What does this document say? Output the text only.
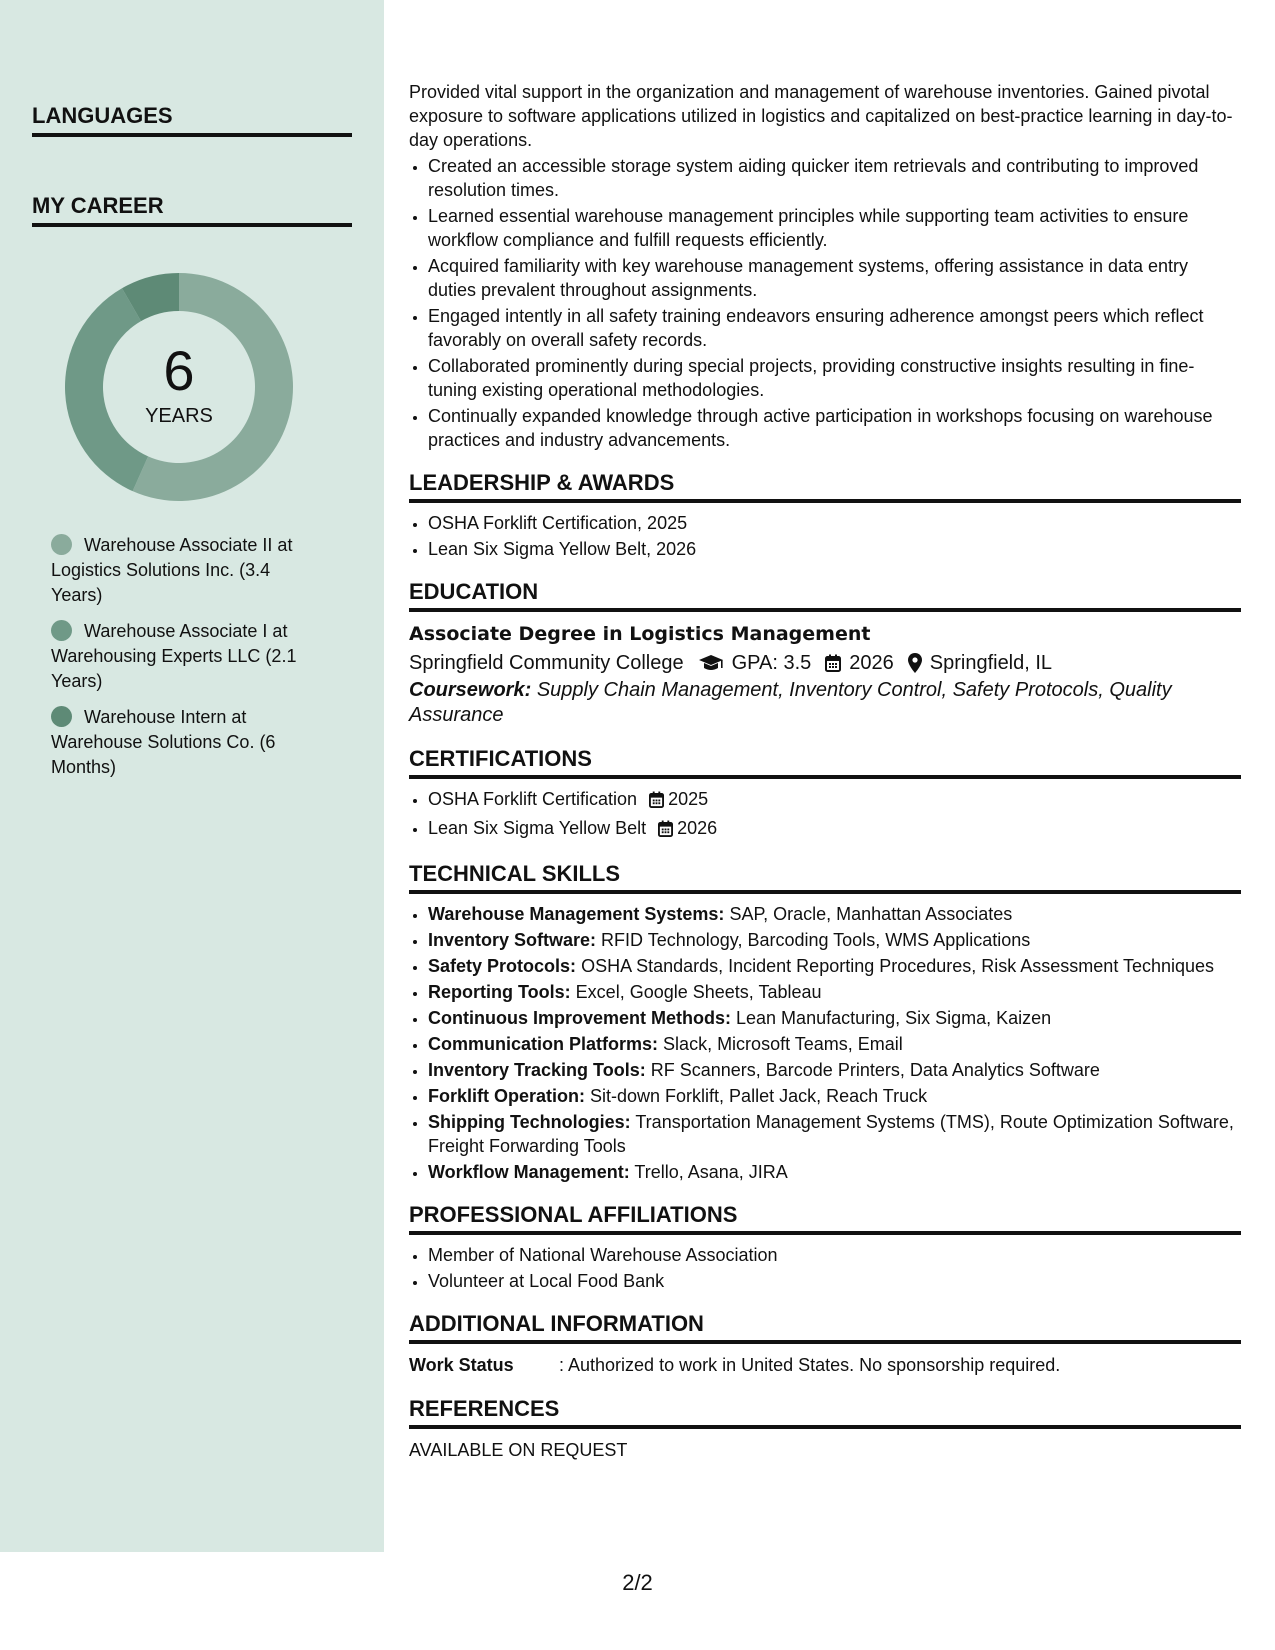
LANGUAGES
MY CAREER
6
YEARS
Warehouse Associate II at Logistics Solutions Inc. (3.4 Years)
Warehouse Associate I at Warehousing Experts LLC (2.1 Years)
Warehouse Intern at Warehouse Solutions Co. (6 Months)

Provided vital support in the organization and management of warehouse inventories. Gained pivotal exposure to software applications utilized in logistics and capitalized on best-practice learning in day-to-day operations.

• Created an accessible storage system aiding quicker item retrievals and contributing to improved resolution times.
• Learned essential warehouse management principles while supporting team activities to ensure workflow compliance and fulfill requests efficiently.
• Acquired familiarity with key warehouse management systems, offering assistance in data entry duties prevalent throughout assignments.
• Engaged intently in all safety training endeavors ensuring adherence amongst peers which reflect favorably on overall safety records.
• Collaborated prominently during special projects, providing constructive insights resulting in fine-tuning existing operational methodologies.
• Continually expanded knowledge through active participation in workshops focusing on warehouse practices and industry advancements.
LEADERSHIP & AWARDS
• OSHA Forklift Certification, 2025
• Lean Six Sigma Yellow Belt, 2026
EDUCATION
Associate Degree in Logistics Management
Springfield Community College GPA: 3.5 2026 Springfield, IL
Coursework: Supply Chain Management, Inventory Control, Safety Protocols, Quality Assurance
CERTIFICATIONS
• OSHA Forklift Certification 2025
• Lean Six Sigma Yellow Belt 2026
TECHNICAL SKILLS
• Warehouse Management Systems: SAP, Oracle, Manhattan Associates
• Inventory Software: RFID Technology, Barcoding Tools, WMS Applications
• Safety Protocols: OSHA Standards, Incident Reporting Procedures, Risk Assessment Techniques
• Reporting Tools: Excel, Google Sheets, Tableau
• Continuous Improvement Methods: Lean Manufacturing, Six Sigma, Kaizen
• Communication Platforms: Slack, Microsoft Teams, Email
• Inventory Tracking Tools: RF Scanners, Barcode Printers, Data Analytics Software
• Forklift Operation: Sit-down Forklift, Pallet Jack, Reach Truck
• Shipping Technologies: Transportation Management Systems (TMS), Route Optimization Software, Freight Forwarding Tools
• Workflow Management: Trello, Asana, JIRA
PROFESSIONAL AFFILIATIONS
• Member of National Warehouse Association
• Volunteer at Local Food Bank
ADDITIONAL INFORMATION
Work Status	: Authorized to work in United States. No sponsorship required.
REFERENCES
AVAILABLE ON REQUEST
2/2
